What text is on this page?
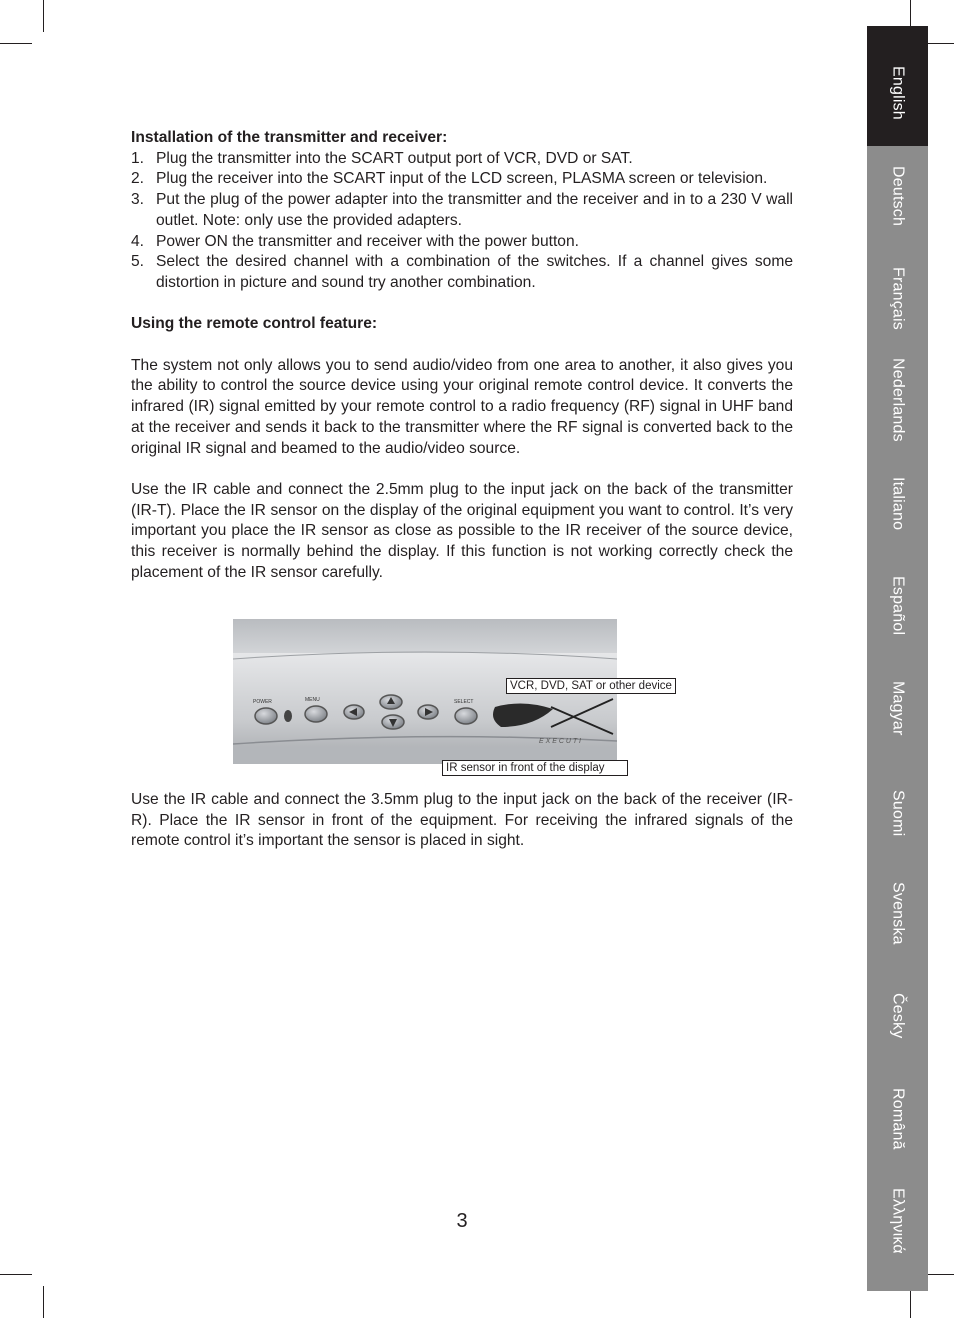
English
Deutsch
Français
Nederlands
Italiano
Español
Magyar
Suomi
Svenska
Česky
Română
Ελληνικά

Installation of the transmitter and receiver:

1. Plug the transmitter into the SCART output port of VCR, DVD or SAT.
2. Plug the receiver into the SCART input of the LCD screen, PLASMA screen or television.
3. Put the plug of the power adapter into the transmitter and the receiver and in to a 230 V wall outlet. Note: only use the provided adapters.
4. Power ON the transmitter and receiver with the power button.
5. Select the desired channel with a combination of the switches. If a channel gives some distortion in picture and sound try another combination.

Using the remote control feature:

The system not only allows you to send audio/video from one area to another, it also gives you the ability to control the source device using your original remote control device. It converts the infrared (IR) signal emitted by your remote control to a radio frequency (RF) signal in UHF band at the receiver and sends it back to the transmitter where the RF signal is converted back to the original IR signal and beamed to the audio/video source.

Use the IR cable and connect the 2.5mm plug to the input jack on the back of the transmitter (IR-T). Place the IR sensor on the display of the original equipment you want to control. It’s very important you place the IR sensor as close as possible to the IR receiver of the source device, this receiver is normally behind the display. If this function is not working correctly check the placement of the IR sensor carefully.

POWER	MENU	SELECT
E X E C U T I
VCR, DVD, SAT or other device
IR sensor in front of the display

Use the IR cable and connect the 3.5mm plug to the input jack on the back of the receiver (IR-R). Place the IR sensor in front of the equipment. For receiving the infrared signals of the remote control it’s important the sensor is placed in sight.

3
